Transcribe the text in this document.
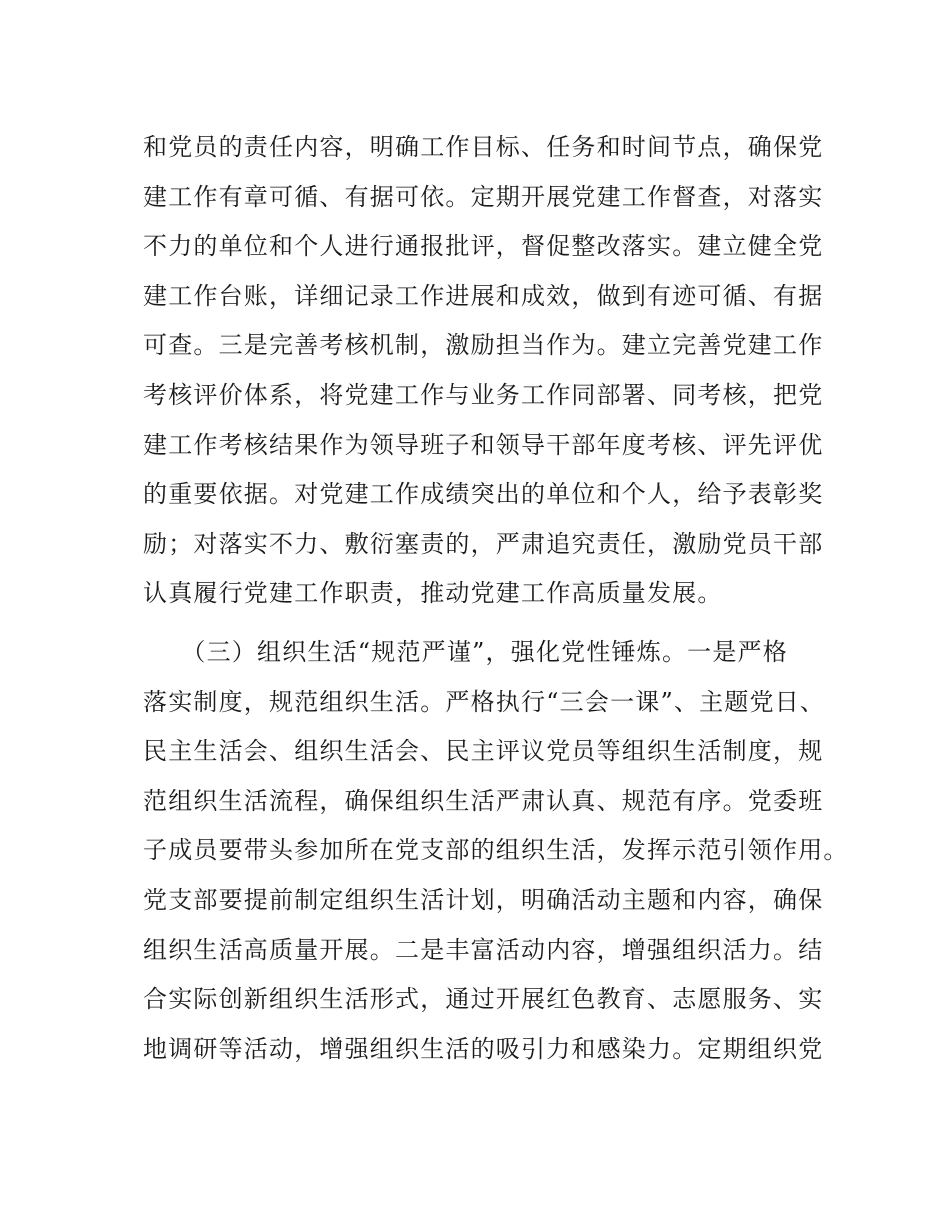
和党员的责任内容，明确工作目标、任务和时间节点，确保党
建工作有章可循、有据可依。定期开展党建工作督查，对落实
不力的单位和个人进行通报批评，督促整改落实。建立健全党
建工作台账，详细记录工作进展和成效，做到有迹可循、有据
可查。三是完善考核机制，激励担当作为。建立完善党建工作
考核评价体系，将党建工作与业务工作同部署、同考核，把党
建工作考核结果作为领导班子和领导干部年度考核、评先评优
的重要依据。对党建工作成绩突出的单位和个人，给予表彰奖
励；对落实不力、敷衍塞责的，严肃追究责任，激励党员干部
认真履行党建工作职责，推动党建工作高质量发展。
　　（三）组织生活“规范严谨”，强化党性锤炼。一是严格
落实制度，规范组织生活。严格执行“三会一课”、主题党日、
民主生活会、组织生活会、民主评议党员等组织生活制度，规
范组织生活流程，确保组织生活严肃认真、规范有序。党委班
子成员要带头参加所在党支部的组织生活，发挥示范引领作用。
党支部要提前制定组织生活计划，明确活动主题和内容，确保
组织生活高质量开展。二是丰富活动内容，增强组织活力。结
合实际创新组织生活形式，通过开展红色教育、志愿服务、实
地调研等活动，增强组织生活的吸引力和感染力。定期组织党
